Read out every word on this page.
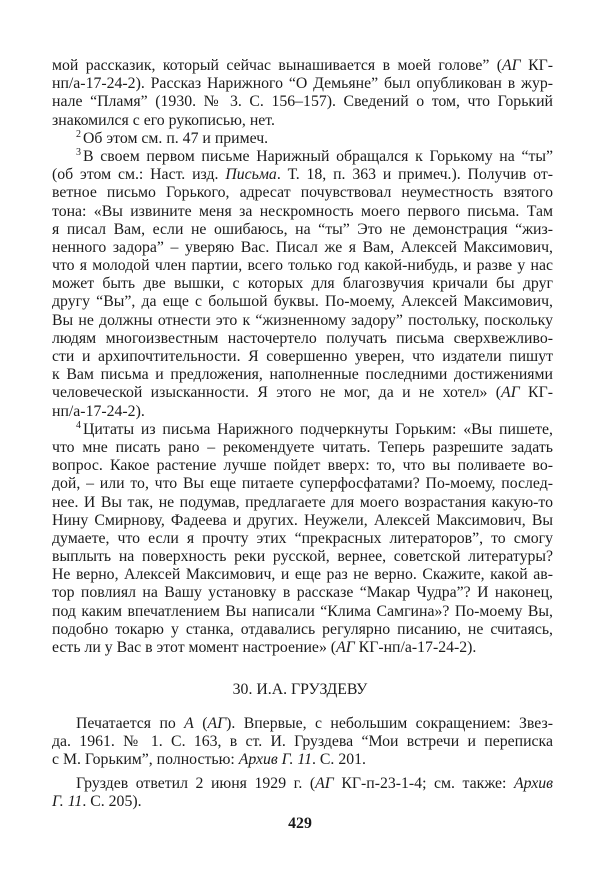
мой рассказик, который сейчас вынашивается в моей голове” (АГ КГ-
нп/а-17-24-2). Рассказ Нарижного “О Демьяне” был опубликован в жур-
нале “Пламя” (1930. № 3. С. 156–157). Сведений о том, что Горький
знакомился с его рукописью, нет.
$^2$ Об этом см. п. 47 и примеч.
$^3$ В своем первом письме Нарижный обращался к Горькому на “ты”
(об этом см.: Наст. изд. Письма. Т. 18, п. 363 и примеч.). Получив от-
ветное письмо Горького, адресат почувствовал неуместность взятого
тона: «Вы извините меня за нескромность моего первого письма. Там
я писал Вам, если не ошибаюсь, на “ты” Это не демонстрация “жиз-
ненного задора” – уверяю Вас. Писал же я Вам, Алексей Максимович,
что я молодой член партии, всего только год какой-нибудь, и разве у нас
может быть две вышки, с которых для благозвучия кричали бы друг
другу “Вы”, да еще с большой буквы. По-моему, Алексей Максимович,
Вы не должны отнести это к “жизненному задору” постольку, поскольку
людям многоизвестным насточертело получать письма сверхвежливо-
сти и архипочтительности. Я совершенно уверен, что издатели пишут
к Вам письма и предложения, наполненные последними достижениями
человеческой изысканности. Я этого не мог, да и не хотел» (АГ КГ-
нп/а-17-24-2).
$^4$ Цитаты из письма Нарижного подчеркнуты Горьким: «Вы пишете,
что мне писать рано – рекомендуете читать. Теперь разрешите задать
вопрос. Какое растение лучше пойдет вверх: то, что вы поливаете во-
дой, – или то, что Вы еще питаете суперфосфатами? По-моему, послед-
нее. И Вы так, не подумав, предлагаете для моего возрастания какую-то
Нину Смирнову, Фадеева и других. Неужели, Алексей Максимович, Вы
думаете, что если я прочту этих “прекрасных литераторов”, то смогу
выплыть на поверхность реки русской, вернее, советской литературы?
Не верно, Алексей Максимович, и еще раз не верно. Скажите, какой ав-
тор повлиял на Вашу установку в рассказе “Макар Чудра”? И наконец,
под каким впечатлением Вы написали “Клима Самгина»? По-моему Вы,
подобно токарю у станка, отдавались регулярно писанию, не считаясь,
есть ли у Вас в этот момент настроение» (АГ КГ-нп/а-17-24-2).
30. И.А. ГРУЗДЕВУ
Печатается по А (АГ). Впервые, с небольшим сокращением: Звез-
да. 1961. № 1. С. 163, в ст. И. Груздева “Мои встречи и переписка
с М. Горьким”, полностью: Архив Г. 11. С. 201.
Груздев ответил 2 июня 1929 г. (АГ КГ-п-23-1-4; см. также: Архив
Г. 11. С. 205).
429
